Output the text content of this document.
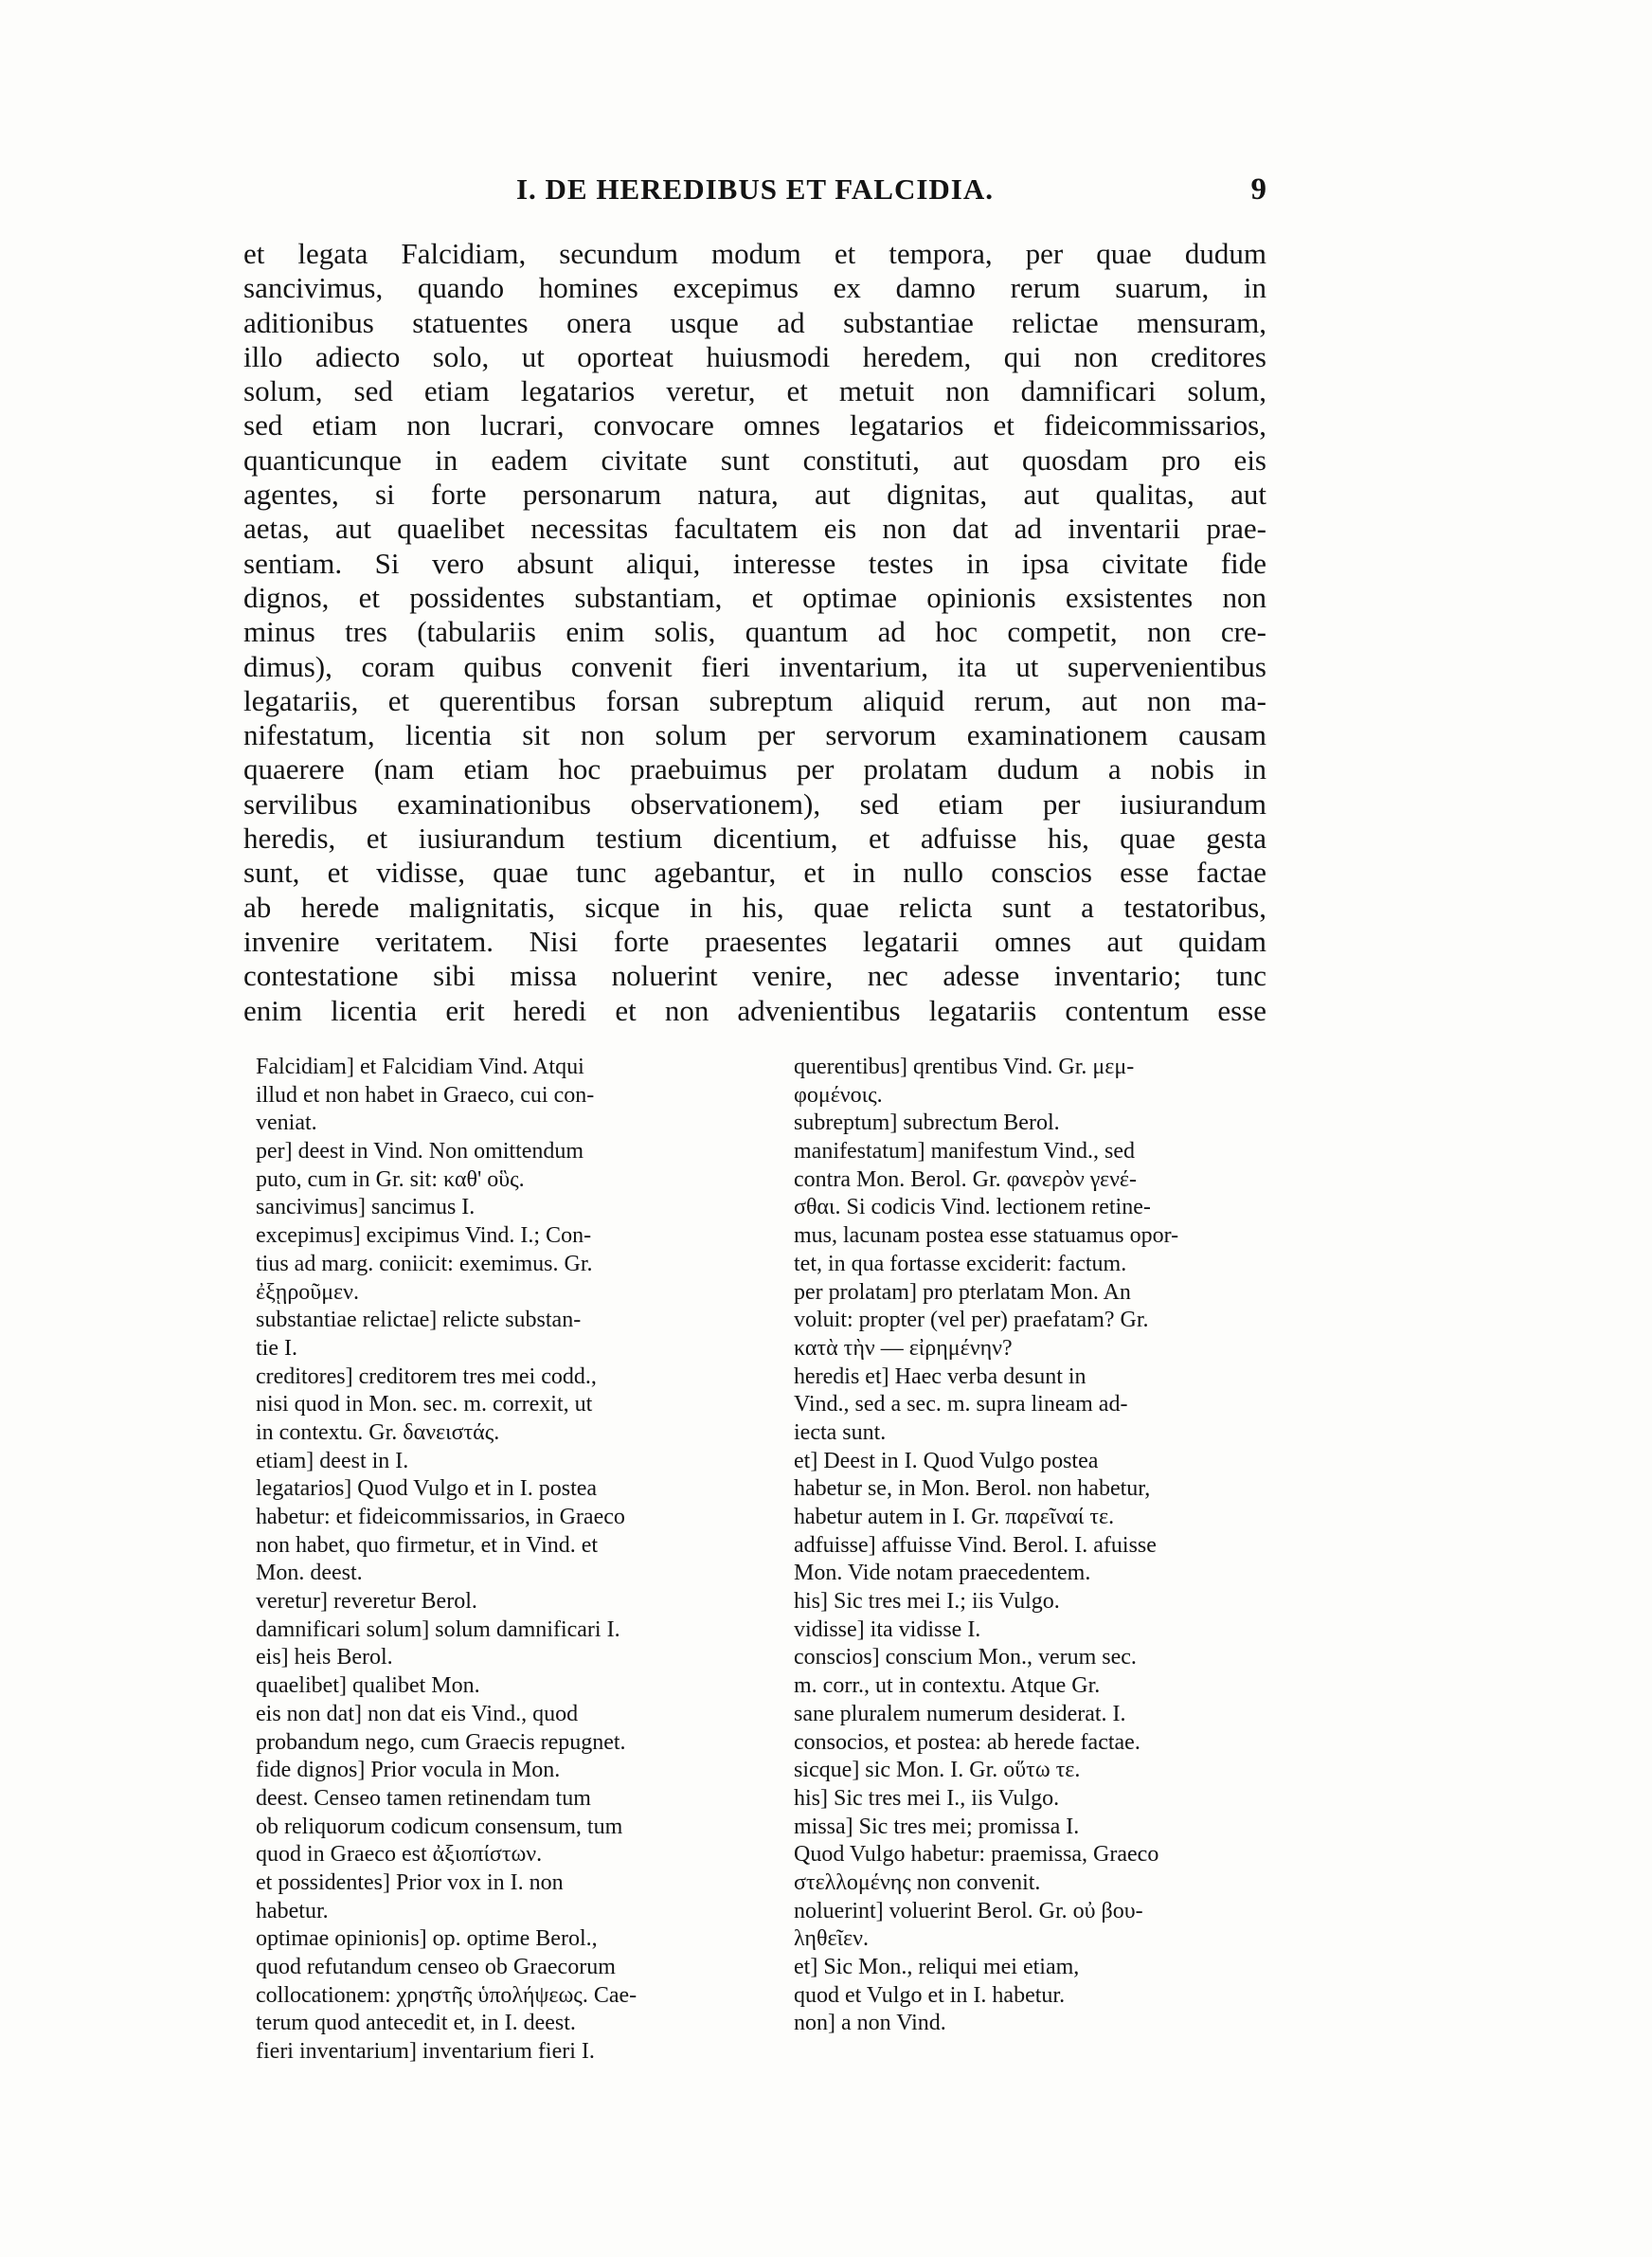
I. DE HEREDIBUS ET FALCIDIA.	9
et legata Falcidiam, secundum modum et tempora, per quae dudum
sancivimus, quando homines excepimus ex damno rerum suarum, in
aditionibus statuentes onera usque ad substantiae relictae mensuram,
illo adiecto solo, ut oporteat huiusmodi heredem, qui non creditores
solum, sed etiam legatarios veretur, et metuit non damnificari solum,
sed etiam non lucrari, convocare omnes legatarios et fideicommissarios,
quanticunque in eadem civitate sunt constituti, aut quosdam pro eis
agentes, si forte personarum natura, aut dignitas, aut qualitas, aut
aetas, aut quaelibet necessitas facultatem eis non dat ad inventarii prae-
sentiam. Si vero absunt aliqui, interesse testes in ipsa civitate fide
dignos, et possidentes substantiam, et optimae opinionis exsistentes non
minus tres (tabulariis enim solis, quantum ad hoc competit, non cre-
dimus), coram quibus convenit fieri inventarium, ita ut supervenientibus
legatariis, et querentibus forsan subreptum aliquid rerum, aut non ma-
nifestatum, licentia sit non solum per servorum examinationem causam
quaerere (nam etiam hoc praebuimus per prolatam dudum a nobis in
servilibus examinationibus observationem), sed etiam per iusiurandum
heredis, et iusiurandum testium dicentium, et adfuisse his, quae gesta
sunt, et vidisse, quae tunc agebantur, et in nullo conscios esse factae
ab herede malignitatis, sicque in his, quae relicta sunt a testatoribus,
invenire veritatem. Nisi forte praesentes legatarii omnes aut quidam
contestatione sibi missa noluerint venire, nec adesse inventario; tunc
enim licentia erit heredi et non advenientibus legatariis contentum esse
Falcidiam] et Falcidiam Vind. Atqui
illud et non habet in Graeco, cui con-
veniat.
per] deest in Vind. Non omittendum
puto, cum in Gr. sit: καθ' οὓς.
sancivimus] sancimus I.
excepimus] excipimus Vind. I.; Con-
tius ad marg. coniicit: exemimus. Gr.
ἐξῃροῦμεν.
substantiae relictae] relicte substan-
tie I.
creditores] creditorem tres mei codd.,
nisi quod in Mon. sec. m. correxit, ut
in contextu. Gr. δανειστάς.
etiam] deest in I.
legatarios] Quod Vulgo et in I. postea
habetur: et fideicommissarios, in Graeco
non habet, quo firmetur, et in Vind. et
Mon. deest.
veretur] reveretur Berol.
damnificari solum] solum damnificari I.
eis] heis Berol.
quaelibet] qualibet Mon.
eis non dat] non dat eis Vind., quod
probandum nego, cum Graecis repugnet.
fide dignos] Prior vocula in Mon.
deest. Censeo tamen retinendam tum
ob reliquorum codicum consensum, tum
quod in Graeco est ἀξιοπίστων.
et possidentes] Prior vox in I. non
habetur.
optimae opinionis] op. optime Berol.,
quod refutandum censeo ob Graecorum
collocationem: χρηστῆς ὑπολήψεως. Cae-
terum quod antecedit et, in I. deest.
fieri inventarium] inventarium fieri I.
querentibus] qrentibus Vind. Gr. μεμ-
φομένοις.
subreptum] subrectum Berol.
manifestatum] manifestum Vind., sed
contra Mon. Berol. Gr. φανερὸν γενέ-
σθαι. Si codicis Vind. lectionem retine-
mus, lacunam postea esse statuamus opor-
tet, in qua fortasse exciderit: factum.
per prolatam] pro pterlatam Mon. An
voluit: propter (vel per) praefatam? Gr.
κατὰ τὴν — εἰρημένην?
heredis et] Haec verba desunt in
Vind., sed a sec. m. supra lineam ad-
iecta sunt.
et] Deest in I. Quod Vulgo postea
habetur se, in Mon. Berol. non habetur,
habetur autem in I. Gr. παρεῖναί τε.
adfuisse] affuisse Vind. Berol. I. afuisse
Mon. Vide notam praecedentem.
his] Sic tres mei I.; iis Vulgo.
vidisse] ita vidisse I.
conscios] conscium Mon., verum sec.
m. corr., ut in contextu. Atque Gr.
sane pluralem numerum desiderat. I.
consocios, et postea: ab herede factae.
sicque] sic Mon. I. Gr. οὕτω τε.
his] Sic tres mei I., iis Vulgo.
missa] Sic tres mei; promissa I.
Quod Vulgo habetur: praemissa, Graeco
στελλομένης non convenit.
noluerint] voluerint Berol. Gr. οὐ βου-
ληθεῖεν.
et] Sic Mon., reliqui mei etiam,
quod et Vulgo et in I. habetur.
non] a non Vind.
